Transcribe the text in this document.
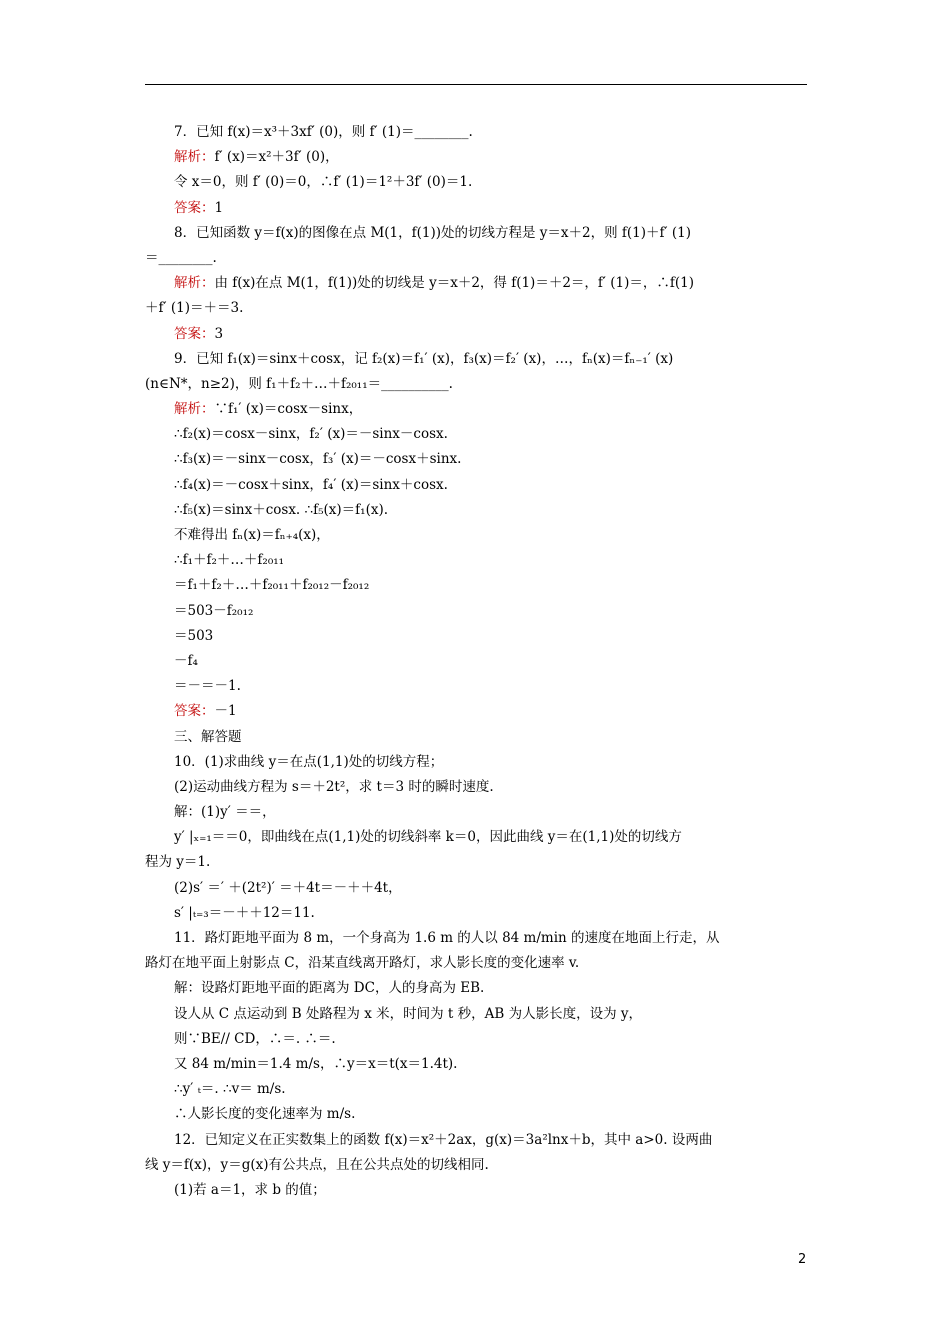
7．已知 f(x)＝x³＋3xf′ (0)，则 f′ (1)＝________.
解析：f′ (x)＝x²＋3f′ (0)，
令 x＝0，则 f′ (0)＝0，∴f′ (1)＝1²＋3f′ (0)＝1.
答案：1
8．已知函数 y＝f(x)的图像在点 M(1，f(1))处的切线方程是 y＝x＋2，则 f(1)＋f′ (1)
＝________.
解析：由 f(x)在点 M(1，f(1))处的切线是 y＝x＋2，得 f(1)＝＋2＝，f′ (1)＝，∴f(1)
＋f′ (1)＝＋＝3.
答案：3
9．已知 f₁(x)＝sinx＋cosx，记 f₂(x)＝f₁′ (x)，f₃(x)＝f₂′ (x)，…，fₙ(x)＝fₙ₋₁′ (x)
(n∈N*，n≥2)，则 f₁＋f₂＋…＋f₂₀₁₁＝__________.
解析：∵f₁′ (x)＝cosx－sinx，
∴f₂(x)＝cosx－sinx，f₂′ (x)＝－sinx－cosx.
∴f₃(x)＝－sinx－cosx，f₃′ (x)＝－cosx＋sinx.
∴f₄(x)＝－cosx＋sinx，f₄′ (x)＝sinx＋cosx.
∴f₅(x)＝sinx＋cosx. ∴f₅(x)＝f₁(x).
不难得出 fₙ(x)＝fₙ₊₄(x)，
∴f₁＋f₂＋…＋f₂₀₁₁
＝f₁＋f₂＋…＋f₂₀₁₁＋f₂₀₁₂－f₂₀₁₂
＝503－f₂₀₁₂
＝503
－f₄
＝－＝－1.
答案：－1
三、解答题
10．(1)求曲线 y＝在点(1,1)处的切线方程；
(2)运动曲线方程为 s＝＋2t²，求 t＝3 时的瞬时速度.
解：(1)y′ ＝＝，
y′ |ₓ₌₁＝＝0，即曲线在点(1,1)处的切线斜率 k＝0，因此曲线 y＝在(1,1)处的切线方
程为 y＝1.
(2)s′ ＝′ ＋(2t²)′ ＝＋4t＝－＋＋4t，
s′ |ₜ₌₃＝－＋＋12＝11.
11．路灯距地平面为 8 m，一个身高为 1.6 m 的人以 84 m/min 的速度在地面上行走，从
路灯在地平面上射影点 C，沿某直线离开路灯，求人影长度的变化速率 v.
解：设路灯距地平面的距离为 DC，人的身高为 EB.
设人从 C 点运动到 B 处路程为 x 米，时间为 t 秒，AB 为人影长度，设为 y，
则∵BE// CD，∴＝. ∴＝.
又 84 m/min＝1.4 m/s，∴y＝x＝t(x＝1.4t).
∴y′ ₜ＝. ∴v＝ m/s.
∴人影长度的变化速率为 m/s.
12．已知定义在正实数集上的函数 f(x)＝x²＋2ax，g(x)＝3a²lnx＋b，其中 a>0. 设两曲
线 y＝f(x)，y＝g(x)有公共点，且在公共点处的切线相同.
(1)若 a＝1，求 b 的值；
2
